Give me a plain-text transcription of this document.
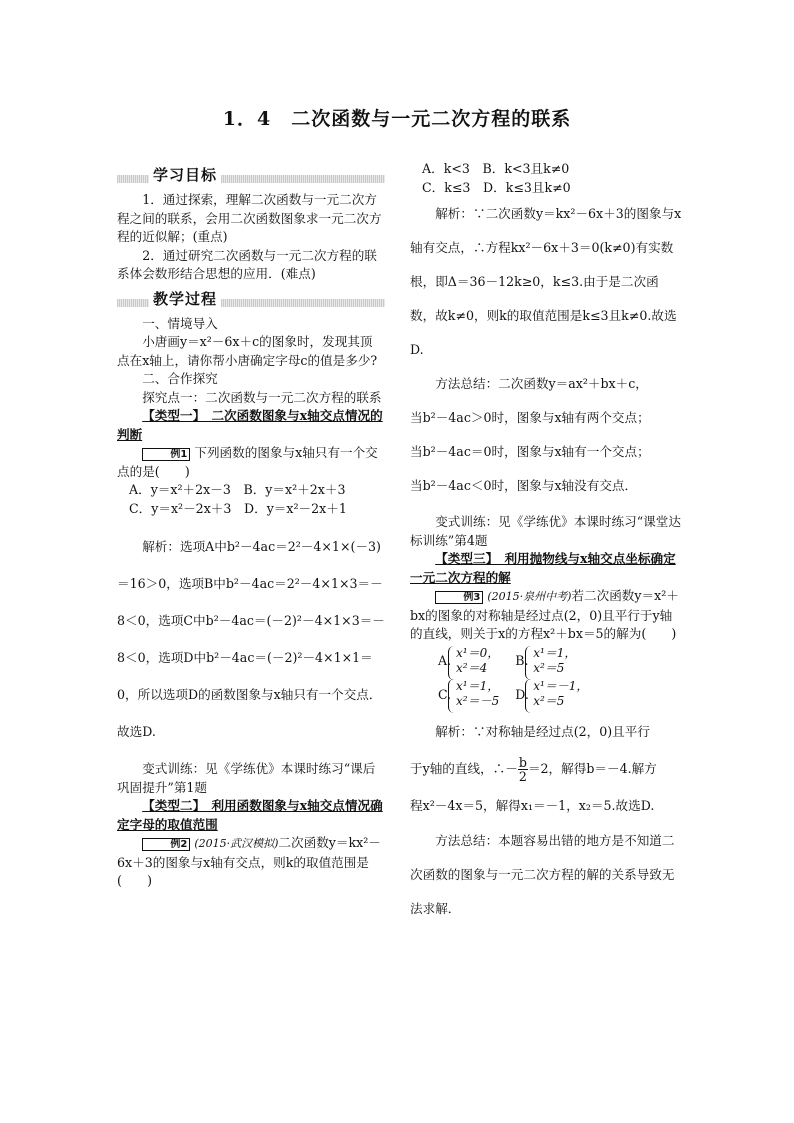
1．4　二次函数与一元二次方程的联系
学习目标

1．通过探索，理解二次函数与一元二次方程之间的联系，会用二次函数图象求一元二次方程的近似解；(重点)

2．通过研究二次函数与一元二次方程的联系体会数形结合思想的应用．(难点)

教学过程

一、情境导入

小唐画y＝x²－6x＋c的图象时，发现其顶点在x轴上，请你帮小唐确定字母c的值是多少?

二、合作探究

探究点一：二次函数与一元二次方程的联系

【类型一】　二次函数图象与x轴交点情况的判断

例1 下列函数的图象与x轴只有一个交点的是(　　)

A．y＝x²＋2x－3　B．y＝x²＋2x＋3

C．y＝x²－2x＋3　D．y＝x²－2x＋1

解析：选项A中b²－4ac＝2²－4×1×(－3)＝16＞0，选项B中b²－4ac＝2²－4×1×3＝－8＜0，选项C中b²－4ac＝(－2)²－4×1×3＝－8＜0，选项D中b²－4ac＝(－2)²－4×1×1＝0，所以选项D的函数图象与x轴只有一个交点．故选D.

变式训练：见《学练优》本课时练习“课后巩固提升”第1题

【类型二】　利用函数图象与x轴交点情况确定字母的取值范围

例2 (2015·武汉模拟)二次函数y＝kx²－6x＋3的图象与x轴有交点，则k的取值范围是(　　)

A．k<3　B．k<3且k≠0

C．k≤3　D．k≤3且k≠0

解析：∵二次函数y＝kx²－6x＋3的图象与x轴有交点，∴方程kx²－6x＋3＝0(k≠0)有实数根，即Δ＝36－12k≥0，k≤3.由于是二次函数，故k≠0，则k的取值范围是k≤3且k≠0.故选D.

方法总结：二次函数y＝ax²＋bx＋c，

当b²－4ac＞0时，图象与x轴有两个交点；

当b²－4ac＝0时，图象与x轴有一个交点；

当b²－4ac＜0时，图象与x轴没有交点．

变式训练：见《学练优》本课时练习“课堂达标训练”第4题

【类型三】　利用抛物线与x轴交点坐标确定一元二次方程的解

例3 (2015·泉州中考)若二次函数y＝x²＋bx的图象的对称轴是经过点(2，0)且平行于y轴的直线，则关于x的方程x²＋bx＝5的解为(　　)

A.
x¹＝0，
x²＝4	B.
x¹＝1，
x²＝5
C.
x¹＝1，
x²＝－5 D.
x¹＝－1，
x²＝5

解析：∵对称轴是经过点(2，0)且平行

于y轴的直线，∴－ $\frac{b}{2} =2$，解得b＝－4.解方

程x²－4x＝5，解得x₁＝－1，x₂＝5.故选D.

方法总结：本题容易出错的地方是不知道二次函数的图象与一元二次方程的解的关系导致无法求解．
